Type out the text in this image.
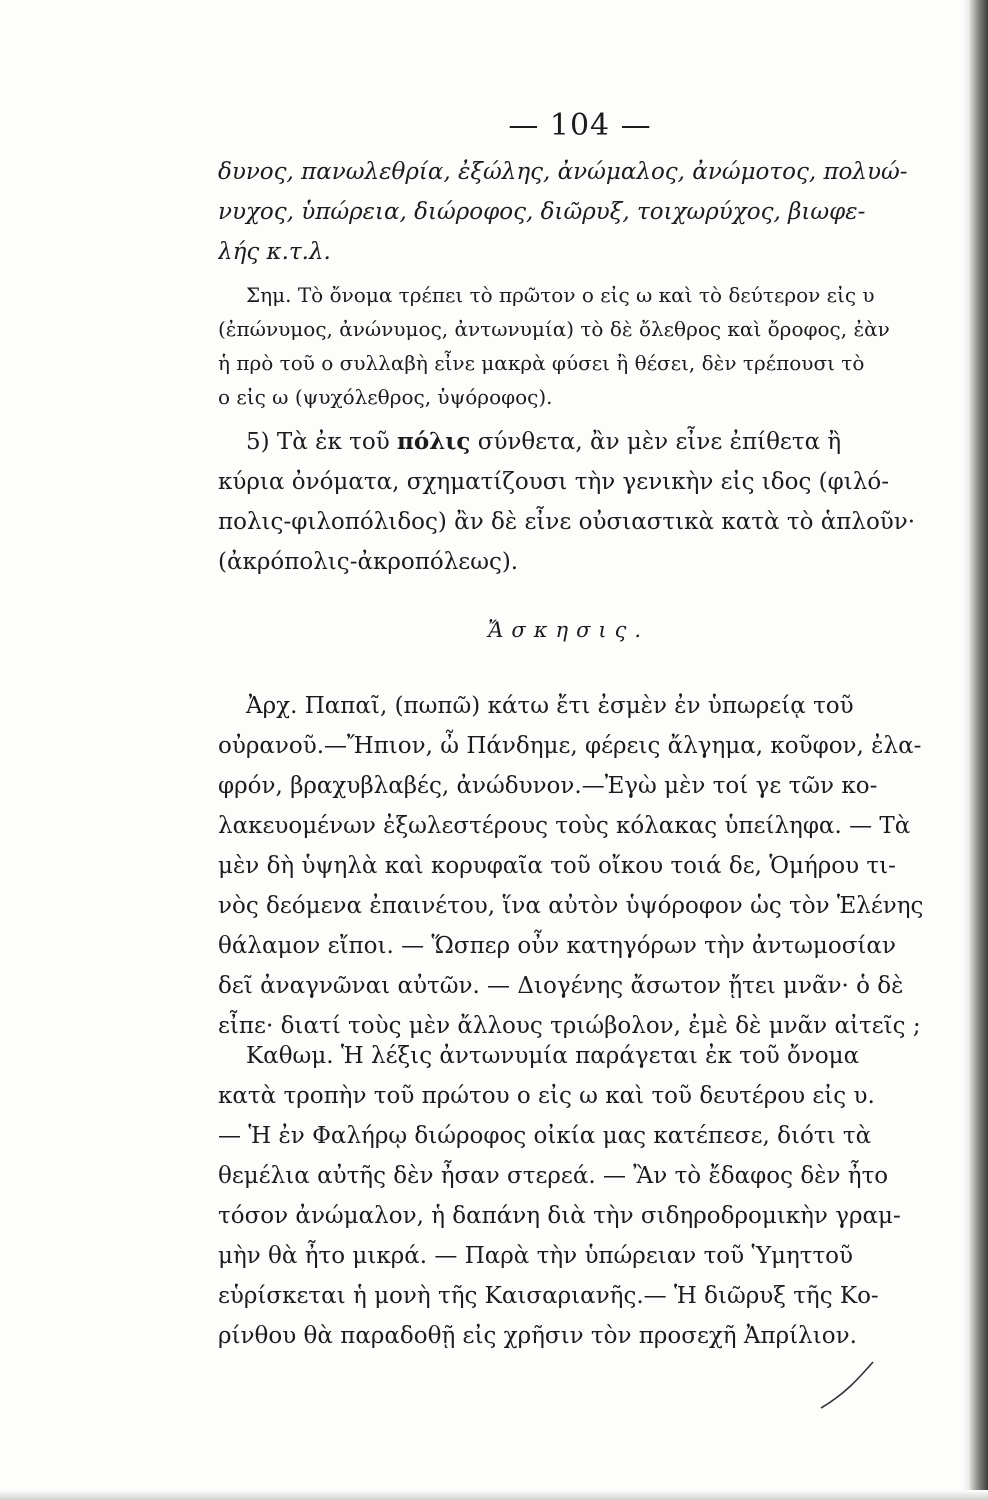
— 104 —
δυνος, πανωλεθρία, ἐξώλης, ἀνώμαλος, ἀνώμοτος, πολυώ-
νυχος, ὑπώρεια, διώροφος, διῶρυξ, τοιχωρύχος, βιωφε-
λής κ.τ.λ.
Σημ. Τὸ ὄνομα τρέπει τὸ πρῶτον ο εἰς ω καὶ τὸ δεύτερον εἰς υ
(ἐπώνυμος, ἀνώνυμος, ἀντωνυμία) τὸ δὲ ὄλεθρος καὶ ὄροφος, ἐὰν
ἡ πρὸ τοῦ ο συλλαβὴ εἶνε μακρὰ φύσει ἢ θέσει, δὲν τρέπουσι τὸ
ο εἰς ω (ψυχόλεθρος, ὑψόροφος).
5) Τὰ ἐκ τοῦ πόλις σύνθετα, ἂν μὲν εἶνε ἐπίθετα ἢ
κύρια ὀνόματα, σχηματίζουσι τὴν γενικὴν εἰς ιδος (φιλό-
πολις-φιλοπόλιδος) ἂν δὲ εἶνε οὐσιαστικὰ κατὰ τὸ ἁπλοῦν·
(ἀκρόπολις-ἀκροπόλεως).
Ἄσκησις.
Ἀρχ. Παπαῖ, (πωπῶ) κάτω ἔτι ἐσμὲν ἐν ὑπωρείᾳ τοῦ
οὐρανοῦ.—Ἤπιον, ὦ Πάνδημε, φέρεις ἄλγημα, κοῦφον, ἐλα-
φρόν, βραχυβλαβές, ἀνώδυνον.—Ἐγὼ μὲν τοί γε τῶν κο-
λακευομένων ἐξωλεστέρους τοὺς κόλακας ὑπείληφα. — Τὰ
μὲν δὴ ὑψηλὰ καὶ κορυφαῖα τοῦ οἴκου τοιά δε, Ὁμήρου τι-
νὸς δεόμενα ἐπαινέτου, ἵνα αὐτὸν ὑψόροφον ὡς τὸν Ἑλένης
θάλαμον εἴποι. — Ὥσπερ οὖν κατηγόρων τὴν ἀντωμοσίαν
δεῖ ἀναγνῶναι αὐτῶν. — Διογένης ἄσωτον ᾔτει μνᾶν· ὁ δὲ
εἶπε· διατί τοὺς μὲν ἄλλους τριώβολον, ἐμὲ δὲ μνᾶν αἰτεῖς ;
Καθωμ. Ἡ λέξις ἀντωνυμία παράγεται ἐκ τοῦ ὄνομα
κατὰ τροπὴν τοῦ πρώτου ο εἰς ω καὶ τοῦ δευτέρου εἰς υ.
— Ἡ ἐν Φαλήρῳ διώροφος οἰκία μας κατέπεσε, διότι τὰ
θεμέλια αὐτῆς δὲν ἦσαν στερεά. — Ἂν τὸ ἔδαφος δὲν ἦτο
τόσον ἀνώμαλον, ἡ δαπάνη διὰ τὴν σιδηροδρομικὴν γραμ-
μὴν θὰ ἦτο μικρά. — Παρὰ τὴν ὑπώρειαν τοῦ Ὑμηττοῦ
εὑρίσκεται ἡ μονὴ τῆς Καισαριανῆς.— Ἡ διῶρυξ τῆς Κο-
ρίνθου θὰ παραδοθῇ εἰς χρῆσιν τὸν προσεχῆ Ἀπρίλιον.
